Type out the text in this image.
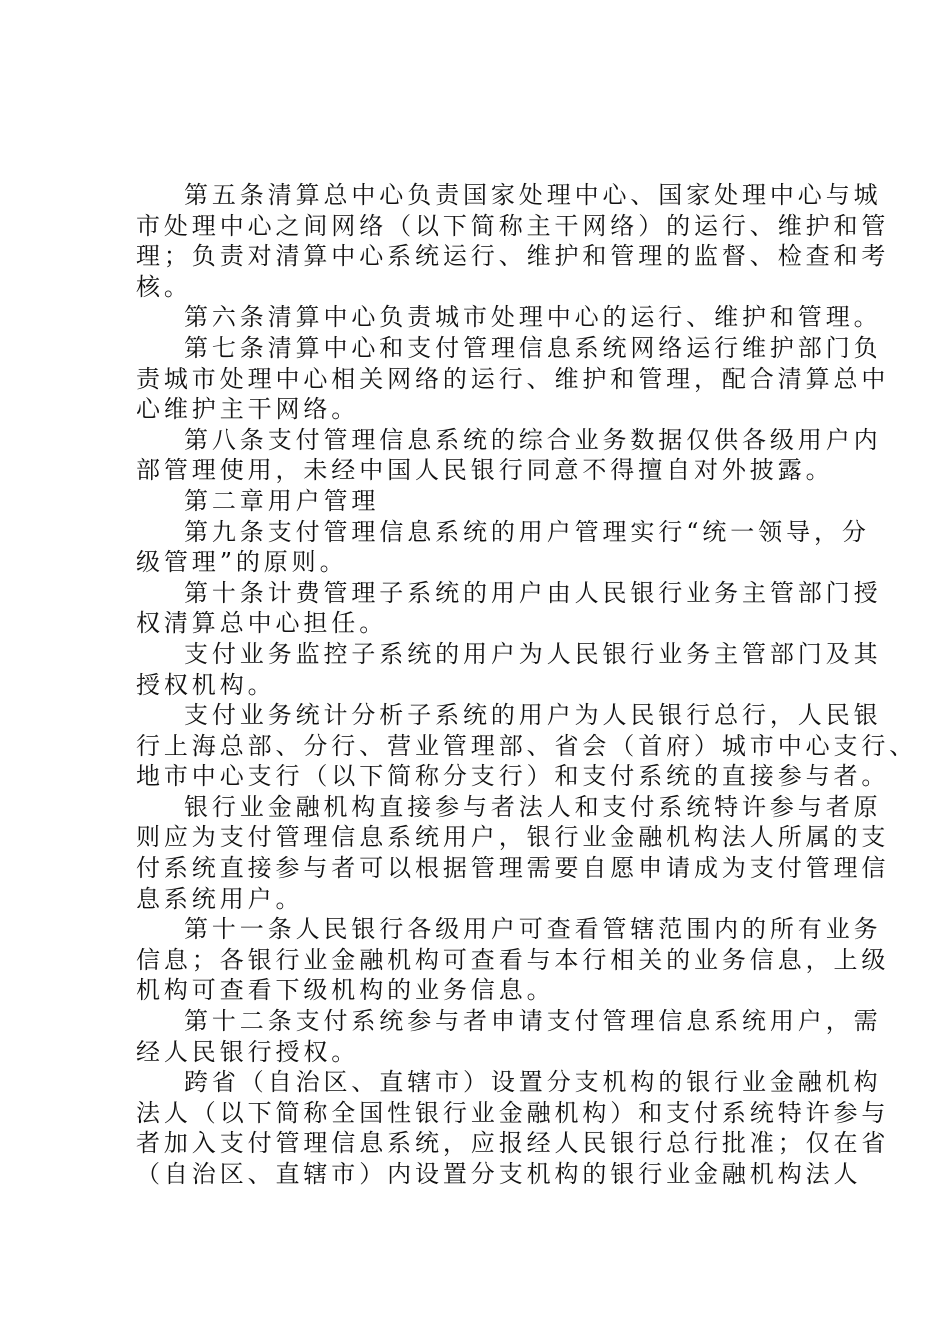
第五条清算总中心负责国家处理中心、国家处理中心与城
市处理中心之间网络（以下简称主干网络）的运行、维护和管
理；负责对清算中心系统运行、维护和管理的监督、检查和考
核。
第六条清算中心负责城市处理中心的运行、维护和管理。
第七条清算中心和支付管理信息系统网络运行维护部门负
责城市处理中心相关网络的运行、维护和管理，配合清算总中
心维护主干网络。
第八条支付管理信息系统的综合业务数据仅供各级用户内
部管理使用，未经中国人民银行同意不得擅自对外披露。
第二章用户管理
第九条支付管理信息系统的用户管理实行“统一领导，分
级管理”的原则。
第十条计费管理子系统的用户由人民银行业务主管部门授
权清算总中心担任。
支付业务监控子系统的用户为人民银行业务主管部门及其
授权机构。
支付业务统计分析子系统的用户为人民银行总行，人民银
行上海总部、分行、营业管理部、省会（首府）城市中心支行、
地市中心支行（以下简称分支行）和支付系统的直接参与者。
银行业金融机构直接参与者法人和支付系统特许参与者原
则应为支付管理信息系统用户，银行业金融机构法人所属的支
付系统直接参与者可以根据管理需要自愿申请成为支付管理信
息系统用户。
第十一条人民银行各级用户可查看管辖范围内的所有业务
信息；各银行业金融机构可查看与本行相关的业务信息，上级
机构可查看下级机构的业务信息。
第十二条支付系统参与者申请支付管理信息系统用户，需
经人民银行授权。
跨省（自治区、直辖市）设置分支机构的银行业金融机构
法人（以下简称全国性银行业金融机构）和支付系统特许参与
者加入支付管理信息系统，应报经人民银行总行批准；仅在省
（自治区、直辖市）内设置分支机构的银行业金融机构法人
